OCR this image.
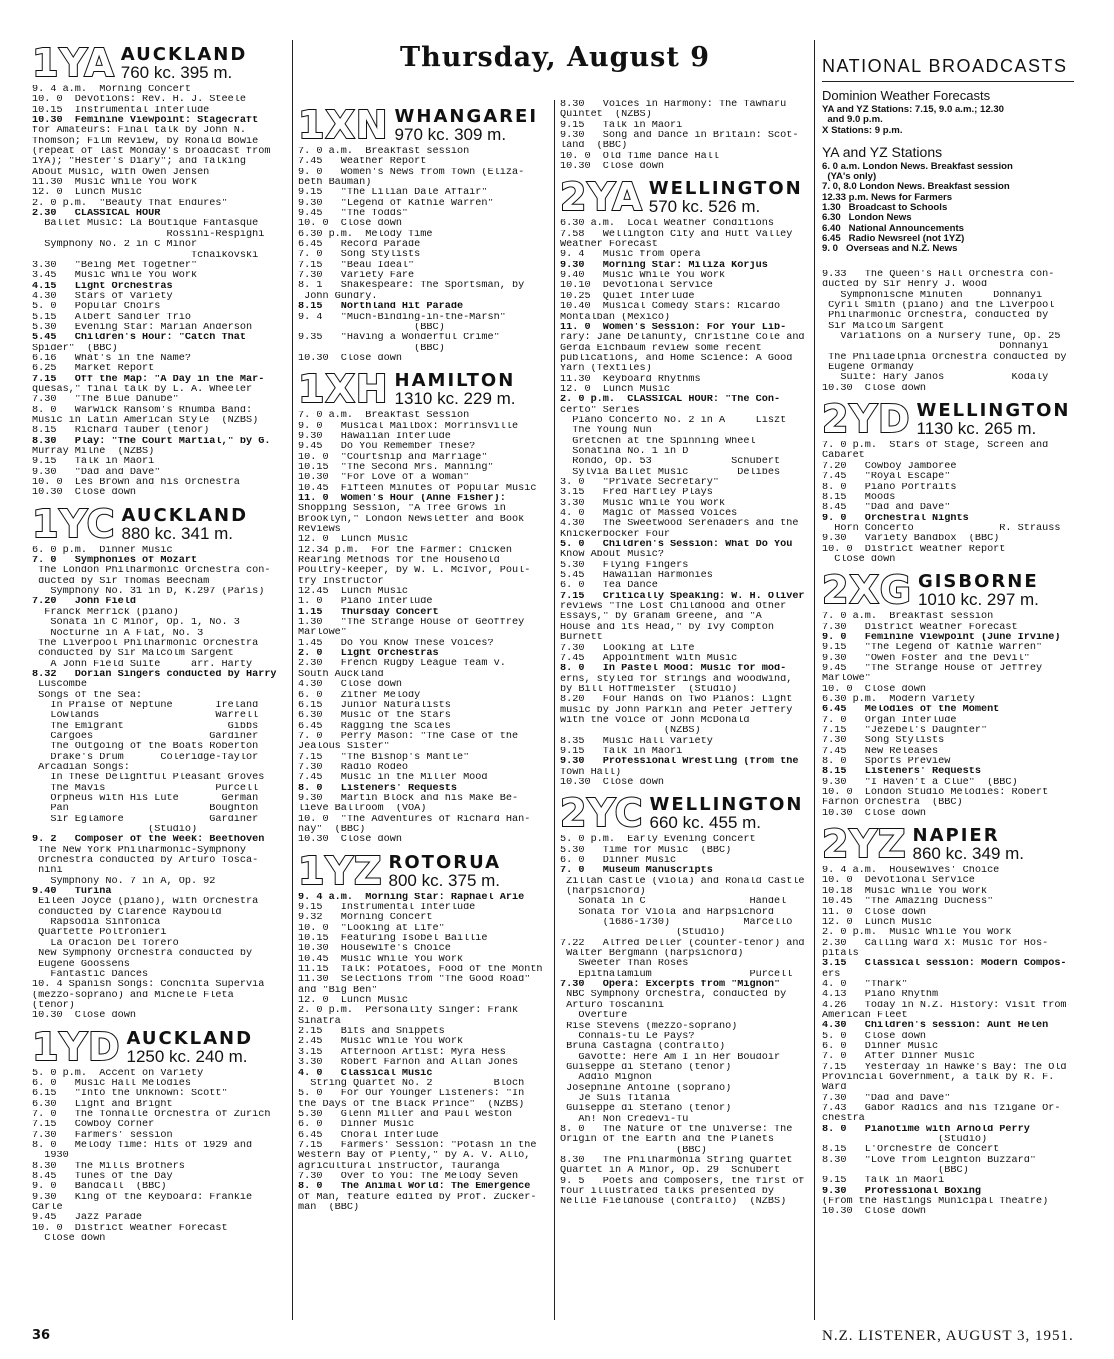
Thursday, August 9
1YA AUCKLAND
760 kc. 395 m.
9. 4 a.m.  Morning Concert
10. 0  Devotions: Rev. H. J. Steele
10.15  Instrumental Interlude
10.30  Feminine Viewpoint: Stagecraft
for Amateurs: Final talk by John N.
Thomson; Film Review, by Ronald Bowie
(repeat of last Monday's broadcast from
1YA); "Hester's Diary"; and Talking
About Music, with Owen Jensen
11.30  Music While You Work
12. 0  Lunch Music
2. 0 p.m.  "Beauty That Endures"
2.30   CLASSICAL HOUR
Ballet Music: La Boutique Fantasque
Rossini-Respighi
Symphony No. 2 in C Minor
Tchaikovski
3.30   "Being Met Together"
3.45   Music While You Work
4.15   Light Orchestras
4.30   Stars of Variety
5. 0   Popular Choirs
5.15   Albert Sandler Trio
5.30   Evening Star: Marian Anderson
5.45   Children's Hour: "Catch That
Spider"  (BBC)
6.16   What's in the Name?
6.25   Market Report
7.15   Off the Map: "A Day in the Mar-
quesas," final talk by L. A. Wheeler
7.30   "The Blue Danube"
8. 0   Warwick Ransom's Rhumba Band:
Music in Latin American Style  (NZBS)
8.15   Richard Tauber (tenor)
8.30   Play: "The Court Martial," by G.
Murray Milne  (NZBS)
9.15   Talk in Maori
9.30   "Dad and Dave"
10. 0  Les Brown and his Orchestra
10.30  Close down
1YC AUCKLAND
880 kc. 341 m.
6. 0 p.m.  Dinner Music
7. 0   Symphonies of Mozart
The London Philharmonic Orchestra con-
ducted by Sir Thomas Beecham
Symphony No. 31 in D, K.297 (Paris)
7.20   John Field
Franck Merrick (piano)
Sonata in C Minor, Op. 1, No. 3
Nocturne in A Flat, No. 3
The Liverpool Philharmonic Orchestra
conducted by Sir Malcolm Sargent
A John Field Suite     arr. Harty
8.32   Dorian Singers conducted by Harry
Luscombe
Songs of the Sea:
In Praise of Neptune       Ireland
Lowlands                   Warrell
The Emigrant                 Gibbs
Cargoes                   Gardiner
The Outgoing of the Boats Roberton
Drake's Drum      Coleridge-Taylor
Arcadian Songs:
In These Delightful Pleasant Groves
The Mavis                  Purcell
Orpheus with His Lute       German
Pan                       Boughton
Sir Eglamore              Gardiner
(Studio)
9. 2   Composer of the Week: Beethoven
The New York Philharmonic-Symphony
Orchestra conducted by Arturo Tosca-
nini
Symphony No. 7 in A, Op. 92
9.40   Turina
Eileen Joyce (piano), with Orchestra
conducted by Clarence Raybould
Rapsodia Sinfonica
Quartette Poltronieri
La Oracion Del Torero
New Symphony Orchestra conducted by
Eugene Goossens
Fantastic Dances
10. 4 Spanish Songs: Conchita Supervia
(mezzo-soprano) and Michele Fleta
(tenor)
10.30  Close down
1YD AUCKLAND
1250 kc. 240 m.
5. 0 p.m.  Accent on Variety
6. 0   Music Hall Melodies
6.15   "Into the Unknown: Scott"
6.30   Light and Bright
7. 0   The Tonhalle Orchestra of Zurich
7.15   Cowboy Corner
7.30   Farmers' session
8. 0   Melody Time: Hits of 1929 and
1930
8.30   The Mills Brothers
8.45   Tunes of the Day
9. 0   Bandcall  (BBC)
9.30   King of the Keyboard: Frankie
Carle
9.45   Jazz Parade
10. 0  District Weather Forecast
Close down
1XN WHANGAREI
970 kc. 309 m.
7. 0 a.m.  Breakfast session
7.45   Weather Report
9. 0   Women's News from Town (Eliza-
beth Bauman)
9.15   "The Lilian Dale Affair"
9.30   "Legend of Kathie Warren"
9.45   "The Todds"
10. 0  Close down
6.30 p.m.  Melody Time
6.45   Record Parade
7. 0   Song Stylists
7.15   "Beau Ideal"
7.30   Variety Fare
8. 1   Shakespeare: The Sportsman, by
John Gundry.
8.15   Northland Hit Parade
9. 4   "Much-Binding-in-the-Marsh"
(BBC)
9.35   "Having a Wonderful Crime"
(BBC)
10.30  Close down
1XH HAMILTON
1310 kc. 229 m.
7. 0 a.m.  Breakfast Session
9. 0   Musical Mailbox: Morrinsville
9.30   Hawaiian Interlude
9.45   Do You Remember These?
10. 0  "Courtship and Marriage"
10.15  "The Second Mrs. Manning"
10.30  "For Love of a Woman"
10.45  Fifteen Minutes of Popular Music
11. 0  Women's Hour (Anne Fisher):
Shopping Session, "A Tree Grows in
Brooklyn," London Newsletter and Book
Reviews
12. 0  Lunch Music
12.34 p.m.  For the Farmer: Chicken
Rearing Methods for the Household
Poultry-keeper, by W. L. McIvor, Poul-
try Instructor
12.45  Lunch Music
1. 0   Piano Interlude
1.15   Thursday Concert
1.30   "The Strange House of Geoffrey
Marlowe"
1.45   Do You Know These Voices?
2. 0   Light Orchestras
2.30   French Rugby League Team v.
South Auckland
4.30   Close down
6. 0   Zither Melody
6.15   Junior Naturalists
6.30   Music of the Stars
6.45   Ragging the Scales
7. 0   Perry Mason: "The Case of the
Jealous Sister"
7.15   "The Bishop's Mantle"
7.30   Radio Rodeo
7.45   Music in the Miller Mood
8. 0   Listeners' Requests
9.30   Martin Block and his Make Be-
lieve Ballroom  (VOA)
10. 0  "The Adventures of Richard Han-
nay"  (BBC)
10.30  Close down
1YZ ROTORUA
800 kc. 375 m.
9. 4 a.m.  Morning Star: Raphael Arie
9.15   Instrumental Interlude
9.32   Morning Concert
10. 0  "Looking at Life"
10.15  Featuring Isobel Baillie
10.30  Housewife's Choice
10.45  Music While You Work
11.15  Talk: Potatoes, Food of the Month
11.30  Selections from "The Good Road"
and "Big Ben"
12. 0  Lunch Music
2. 0 p.m.  Personality Singer: Frank
Sinatra
2.15   Bits and Snippets
2.45   Music While You Work
3.15   Afternoon Artist: Myra Hess
3.30   Robert Farnon and Allan Jones
4. 0   Classical Music
String Quartet No. 2          Bloch
5. 0   For Our Younger Listeners: "In
the Days of the Black Prince"  (NZBS)
5.30   Glenn Miller and Paul Weston
6. 0   Dinner Music
6.45   Choral Interlude
7.15   Farmers' Session: "Potash in the
Western Bay of Plenty," by A. V. Allo,
agricultural instructor, Tauranga
7.30   Over to You: The Melody Seven
8. 0   The Animal World: The Emergence
of Man, feature edited by Prof. Zucker-
man  (BBC)
8.30   Voices in Harmony: The Tawharu
Quintet  (NZBS)
9.15   Talk in Maori
9.30   Song and Dance in Britain: Scot-
land  (BBC)
10. 0  Old Time Dance Hall
10.30  Close down
2YA WELLINGTON
570 kc. 526 m.
6.30 a.m.  Local Weather Conditions
7.58   Wellington City and Hutt Valley
Weather Forecast
9. 4   Music from Opera
9.30   Morning Star: Miliza Korjus
9.40   Music While You Work
10.10  Devotional Service
10.25  Quiet Interlude
10.40  Musical Comedy Stars: Ricardo
Montalban (Mexico)
11. 0  Women's Session: For Your Lib-
rary: Jane Delahunty, Christine Cole and
Gerda Eichbaum review some recent
publications, and Home Science: A Good
Yarn (Textiles)
11.30  Keyboard Rhythms
12. 0  Lunch Music
2. 0 p.m.  CLASSICAL HOUR: "The Con-
certo" Series
Piano Concerto No. 2 in A     Liszt
The Young Nun
Gretchen at the Spinning Wheel
Sonatina No. 1 in D
Rondo, Op. 53             Schubert
Sylvia Ballet Music        Delibes
3. 0   "Private Secretary"
3.15   Fred Hartley Plays
3.30   Music While You Work
4. 0   Magic of Massed Voices
4.30   The Sweetwood Serenaders and the
Knickerbocker Four
5. 0   Children's Session: What Do You
Know About Music?
5.30   Flying Fingers
5.45   Hawaiian Harmonies
6. 0   Tea Dance
7.15   Critically Speaking: W. H. Oliver
reviews "The Lost Childhood and Other
Essays," by Graham Greene, and "A
House and its Head," by Ivy Compton
Burnett
7.30   Looking at Life
7.45   Appointment with Music
8. 0   In Pastel Mood: Music for mod-
erns, styled for strings and woodwind,
by Bill Hoffmeister  (Studio)
8.20   Four Hands on Two Pianos: Light
music by John Parkin and Peter Jeffery
with the voice of John McDonald
(NZBS)
8.35   Music Hall Variety
9.15   Talk in Maori
9.30   Professional Wrestling (from the
Town Hall)
10.30  Close down
2YC WELLINGTON
660 kc. 455 m.
5. 0 p.m.  Early Evening Concert
5.30   Time for Music  (BBC)
6. 0   Dinner Music
7. 0   Museum Manuscripts
Zillah Castle (viola) and Ronald Castle
(harpsichord)
Sonata in C                 Handel
Sonata for Viola and Harpsichord
(1686-1730)            Marcello
(Studio)
7.22   Alfred Deller (counter-tenor) and
Walter Bergmann (harpsichord)
Sweeter Than Roses
Epithalamium                Purcell
7.30   Opera: Excerpts from "Mignon"
NBC Symphony Orchestra, conducted by
Arturo Toscanini
Overture
Rise Stevens (mezzo-soprano)
Connais-tu Le Pays?
Bruna Castagna (contralto)
Gavotte: Here Am I in Her Boudoir
Guiseppe di Stefano (tenor)
Addio Mignon
Josephine Antoine (soprano)
Je Suis Titania
Guiseppe di Stefano (tenor)
Ah! Non Credevi-Tu
8. 0   The Nature of the Universe: The
Origin of the Earth and the Planets
(BBC)
8.30   The Philharmonia String Quartet
Quartet in A Minor, Op. 29  Schubert
9. 5   Poets and Composers, the first of
four illustrated talks presented by
Nellie Fieldhouse (contralto)  (NZBS)
NATIONAL BROADCASTS
Dominion Weather Forecasts
YA and YZ Stations: 7.15, 9.0 a.m.; 12.30
and 9.0 p.m.
X Stations: 9 p.m.
YA and YZ Stations
6. 0 a.m. London News. Breakfast session
(YA's only)
7. 0, 8.0 London News. Breakfast session
12.33 p.m. News for Farmers
1.30   Broadcast to Schools
6.30   London News
6.40   National Announcements
6.45   Radio Newsreel (not 1YZ)
9. 0   Overseas and N.Z. News
9.33   The Queen's Hall Orchestra con-
ducted by Sir Henry J. Wood
Symphonische Minuten     Dohnanyi
Cyril Smith (piano) and the Liverpool
Philharmonic Orchestra, conducted by
Sir Malcolm Sargent
Variations on a Nursery Tune, Op. 25
Dohnanyi
The Philadelphia Orchestra conducted by
Eugene Ormandy
Suite: Hary Janos           Kodaly
10.30  Close down
2YD WELLINGTON
1130 kc. 265 m.
7. 0 p.m.  Stars of Stage, Screen and
Cabaret
7.20   Cowboy Jamboree
7.45   "Royal Escape"
8. 0   Piano Portraits
8.15   Moods
8.45   "Dad and Dave"
9. 0   Orchestral Nights
Horn Concerto              R. Strauss
9.30   Variety Bandbox  (BBC)
10. 0  District Weather Report
Close down
2XG GISBORNE
1010 kc. 297 m.
7. 0 a.m.  Breakfast session
7.30   District Weather Forecast
9. 0   Feminine Viewpoint (June Irvine)
9.15   "The Legend of Kathie Warren"
9.30   "Owen Foster and the Devil"
9.45   "The Strange House of Jeffrey
Marlowe"
10. 0  Close down
6.30 p.m.  Modern Variety
6.45   Melodies of the Moment
7. 0   Organ Interlude
7.15   "Jezebel's Daughter"
7.30   Song Stylists
7.45   New Releases
8. 0   Sports Preview
8.15   Listeners' Requests
9.30   "I Haven't a Clue"  (BBC)
10. 0  London Studio Melodies: Robert
Farnon Orchestra  (BBC)
10.30  Close down
2YZ NAPIER
860 kc. 349 m.
9. 4 a.m.  Housewives' Choice
10. 0  Devotional Service
10.18  Music While You Work
10.45  "The Amazing Duchess"
11. 0  Close down
12. 0  Lunch Music
2. 0 p.m.  Music While You Work
2.30   Calling Ward X: Music for Hos-
pitals
3.15   Classical session: Modern Compos-
ers
4. 0   "Thark"
4.13   Piano Rhythm
4.26   Today in N.Z. History: Visit from
American Fleet
4.30   Children's session: Aunt Helen
5. 0   Close down
6. 0   Dinner Music
7. 0   After Dinner Music
7.15   Yesterday in Hawke's Bay: The Old
Provincial Government, a talk by R. F.
Ward
7.30   "Dad and Dave"
7.43   Gabor Radics and his Tzigane Or-
chestra
8. 0   Pianotime with Arnold Perry
(Studio)
8.15   L'Orchestre de Concert
8.30   "Love from Leighton Buzzard"
(BBC)
9.15   Talk in Maori
9.30   Professional Boxing
(From the Hastings Municipal Theatre)
10.30  Close down
36	N.Z. LISTENER, AUGUST 3, 1951.
